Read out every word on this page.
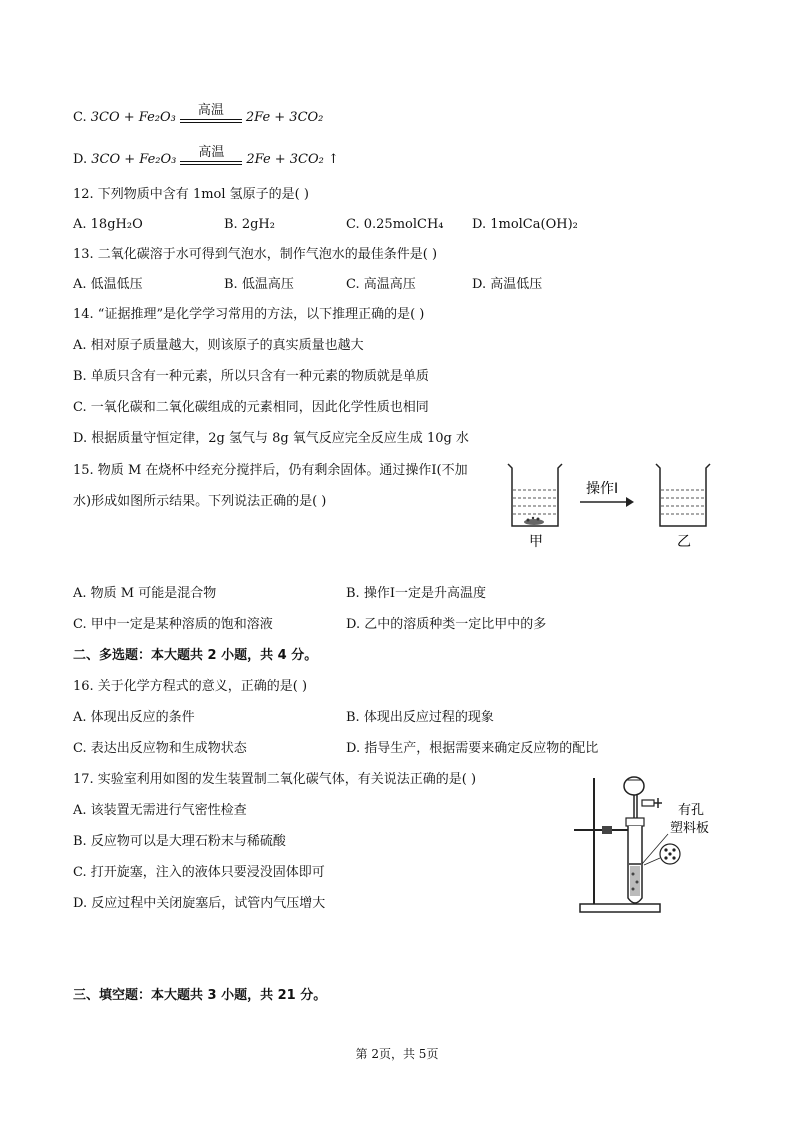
C. 3CO + Fe₂O₃	高温	2Fe + 3CO₂
D. 3CO + Fe₂O₃	高温	2Fe + 3CO₂ ↑
12. 下列物质中含有 1mol 氢原子的是( )
A. 18gH₂O	B. 2gH₂	C. 0.25molCH₄ D. 1molCa(OH)₂
13. 二氧化碳溶于水可得到气泡水，制作气泡水的最佳条件是( )
A. 低温低压	B. 低温高压	C. 高温高压	D. 高温低压
14. “证据推理”是化学学习常用的方法，以下推理正确的是( )
A. 相对原子质量越大，则该原子的真实质量也越大
B. 单质只含有一种元素，所以只含有一种元素的物质就是单质
C. 一氧化碳和二氧化碳组成的元素相同，因此化学性质也相同
D. 根据质量守恒定律，2g 氢气与 8g 氧气反应完全反应生成 10g 水
15. 物质 M 在烧杯中经充分搅拌后，仍有剩余固体。通过操作Ⅰ(不加
水)形成如图所示结果。下列说法正确的是( )
甲
操作Ⅰ
乙
A. 物质 M 可能是混合物	B. 操作Ⅰ一定是升高温度
C. 甲中一定是某种溶质的饱和溶液	D. 乙中的溶质种类一定比甲中的多
二、多选题：本大题共 2 小题，共 4 分。
16. 关于化学方程式的意义，正确的是( )
A. 体现出反应的条件	B. 体现出反应过程的现象
C. 表达出反应物和生成物状态	D. 指导生产，根据需要来确定反应物的配比
17. 实验室利用如图的发生装置制二氧化碳气体，有关说法正确的是( )
A. 该装置无需进行气密性检查
B. 反应物可以是大理石粉末与稀硫酸
C. 打开旋塞，注入的液体只要浸没固体即可
D. 反应过程中关闭旋塞后，试管内气压增大
有孔
塑料板
三、填空题：本大题共 3 小题，共 21 分。
第 2页，共 5页
